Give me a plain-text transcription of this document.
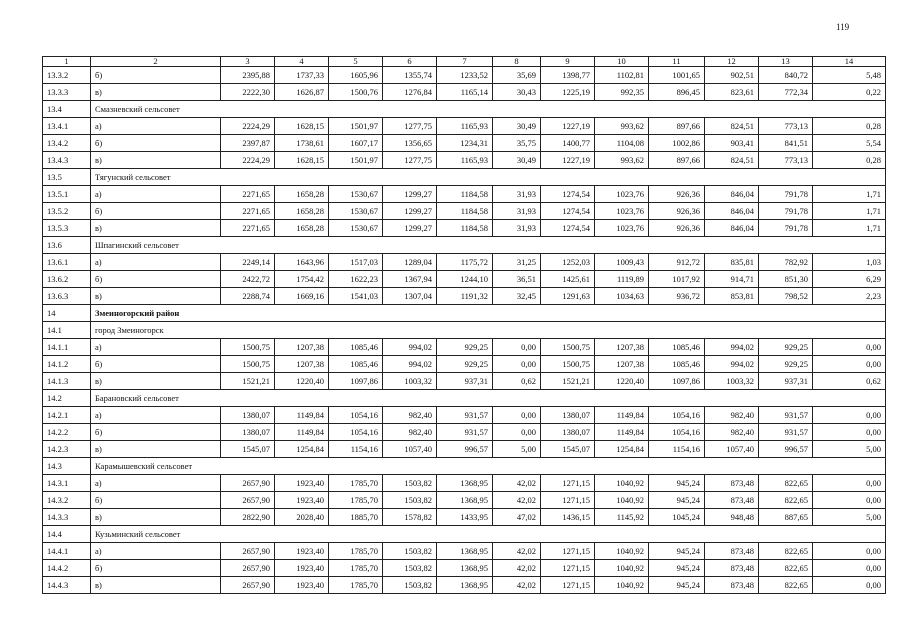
119
1	2	3	4	5	6	7	8	9	10	11	12	13	14
13.3.2	б)	2395,88	1737,33	1605,96	1355,74	1233,52	35,69	1398,77	1102,81	1001,65	902,51	840,72	5,48
13.3.3	в)	2222,30	1626,87	1500,76	1276,84	1165,14	30,43	1225,19	992,35	896,45	823,61	772,34	0,22
13.4	Смазневский сельсовет												
13.4.1	а)	2224,29	1628,15	1501,97	1277,75	1165,93	30,49	1227,19	993,62	897,66	824,51	773,13	0,28
13.4.2	б)	2397,87	1738,61	1607,17	1356,65	1234,31	35,75	1400,77	1104,08	1002,86	903,41	841,51	5,54
13.4.3	в)	2224,29	1628,15	1501,97	1277,75	1165,93	30,49	1227,19	993,62	897,66	824,51	773,13	0,28
13.5	Тягунский сельсовет												
13.5.1	а)	2271,65	1658,28	1530,67	1299,27	1184,58	31,93	1274,54	1023,76	926,36	846,04	791,78	1,71
13.5.2	б)	2271,65	1658,28	1530,67	1299,27	1184,58	31,93	1274,54	1023,76	926,36	846,04	791,78	1,71
13.5.3	в)	2271,65	1658,28	1530,67	1299,27	1184,58	31,93	1274,54	1023,76	926,36	846,04	791,78	1,71
13.6	Шпагинский сельсовет												
13.6.1	а)	2249,14	1643,96	1517,03	1289,04	1175,72	31,25	1252,03	1009,43	912,72	835,81	782,92	1,03
13.6.2	б)	2422,72	1754,42	1622,23	1367,94	1244,10	36,51	1425,61	1119,89	1017,92	914,71	851,30	6,29
13.6.3	в)	2288,74	1669,16	1541,03	1307,04	1191,32	32,45	1291,63	1034,63	936,72	853,81	798,52	2,23
14	Змеиногорский район												
14.1	город Змеиногорск												
14.1.1	а)	1500,75	1207,38	1085,46	994,02	929,25	0,00	1500,75	1207,38	1085,46	994,02	929,25	0,00
14.1.2	б)	1500,75	1207,38	1085,46	994,02	929,25	0,00	1500,75	1207,38	1085,46	994,02	929,25	0,00
14.1.3	в)	1521,21	1220,40	1097,86	1003,32	937,31	0,62	1521,21	1220,40	1097,86	1003,32	937,31	0,62
14.2	Барановский сельсовет												
14.2.1	а)	1380,07	1149,84	1054,16	982,40	931,57	0,00	1380,07	1149,84	1054,16	982,40	931,57	0,00
14.2.2	б)	1380,07	1149,84	1054,16	982,40	931,57	0,00	1380,07	1149,84	1054,16	982,40	931,57	0,00
14.2.3	в)	1545,07	1254,84	1154,16	1057,40	996,57	5,00	1545,07	1254,84	1154,16	1057,40	996,57	5,00
14.3	Карамышевский сельсовет												
14.3.1	а)	2657,90	1923,40	1785,70	1503,82	1368,95	42,02	1271,15	1040,92	945,24	873,48	822,65	0,00
14.3.2	б)	2657,90	1923,40	1785,70	1503,82	1368,95	42,02	1271,15	1040,92	945,24	873,48	822,65	0,00
14.3.3	в)	2822,90	2028,40	1885,70	1578,82	1433,95	47,02	1436,15	1145,92	1045,24	948,48	887,65	5,00
14.4	Кузьминский сельсовет												
14.4.1	а)	2657,90	1923,40	1785,70	1503,82	1368,95	42,02	1271,15	1040,92	945,24	873,48	822,65	0,00
14.4.2	б)	2657,90	1923,40	1785,70	1503,82	1368,95	42,02	1271,15	1040,92	945,24	873,48	822,65	0,00
14.4.3	в)	2657,90	1923,40	1785,70	1503,82	1368,95	42,02	1271,15	1040,92	945,24	873,48	822,65	0,00
